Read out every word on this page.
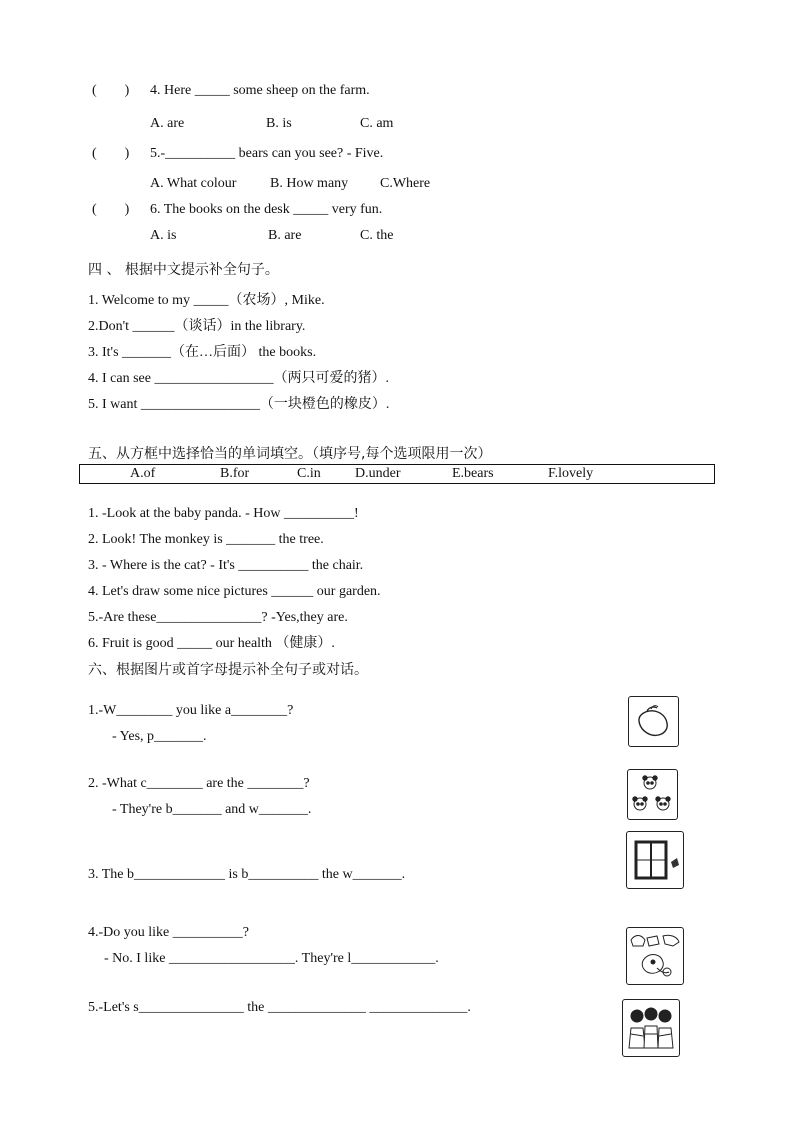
(        ) 4. Here _____ some sheep on the farm.
A. are	B. is	C. am
(        ) 5.-__________ bears can you see? - Five.
A. What colour B. How many C.Where
(        ) 6. The books on the desk _____ very fun.
A. is	B. are	C. the
四 、 根据中文提示补全句子。
1. Welcome to my _____（农场）, Mike.
2.Don't ______（谈话）in the library.
3. It's _______（在…后面） the books.
4. I can see _________________（两只可爱的猪）.
5. I want _________________（一块橙色的橡皮）.
五、从方框中选择恰当的单词填空。（填序号,每个选项限用一次）
A.of	B.for	C.in D.under	E.bears	F.lovely
1. -Look at the baby panda. - How __________!
2. Look! The monkey is _______ the tree.
3. - Where is the cat? - It's __________ the chair.
4. Let's draw some nice pictures ______ our garden.
5.-Are these_______________? -Yes,they are.
6. Fruit is good _____ our health （健康）.
六、根据图片或首字母提示补全句子或对话。
1.-W________ you like a________?
- Yes, p_______.
2. -What c________ are the ________?
- They're b_______ and w_______.
3. The b_____________ is b__________ the w_______.
4.-Do you like __________?
- No. I like __________________. They're l____________.
5.-Let's s_______________ the ______________ ______________.
